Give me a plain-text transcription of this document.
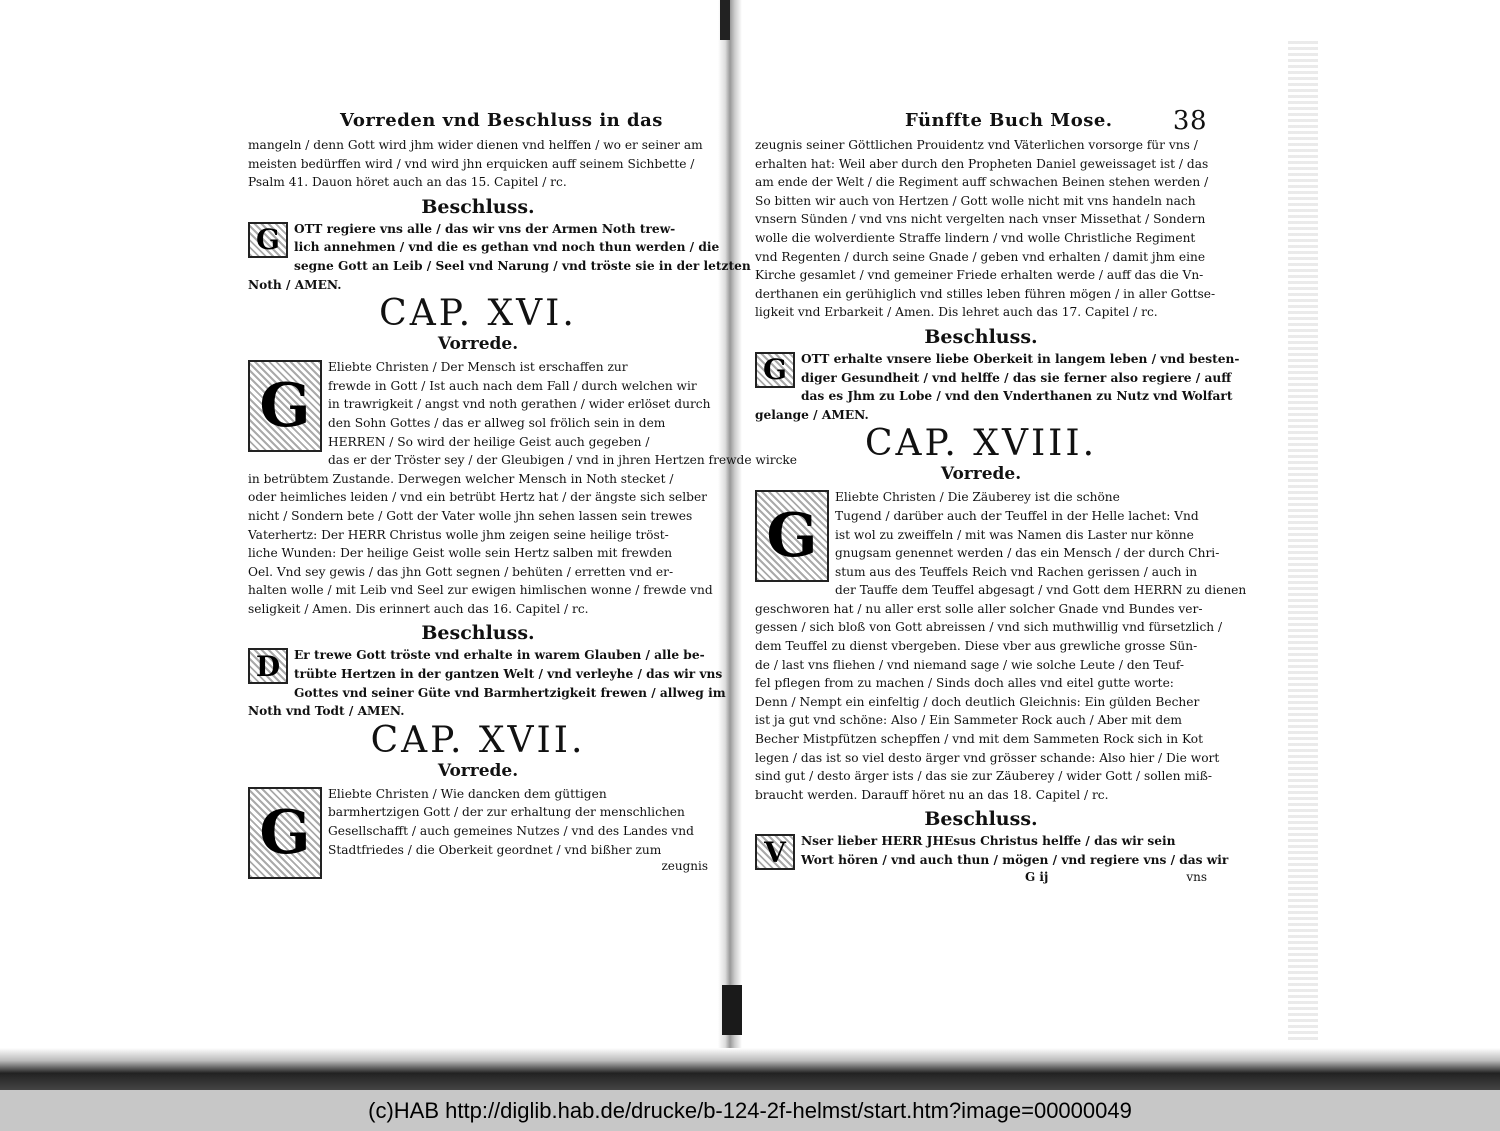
Vorreden vnd Beschluss in das
mangeln / denn Gott wird jhm wider dienen vnd helffen / wo er seiner am
meisten bedürffen wird / vnd wird jhn erquicken auff seinem Sichbette /
Psalm 41. Dauon höret auch an das 15. Capitel / rc.
Beschluss.
G	OTT regiere vns alle / das wir vns der Armen Noth trew-
lich annehmen / vnd die es gethan vnd noch thun werden / die
segne Gott an Leib / Seel vnd Narung / vnd tröste sie in der letzten
Noth / AMEN.
CAP. XVI.
Vorrede.
G
Eliebte Christen / Der Mensch ist erschaffen zur
frewde in Gott / Ist auch nach dem Fall / durch welchen wir
in trawrigkeit / angst vnd noth gerathen / wider erlöset durch
den Sohn Gottes / das er allweg sol frölich sein in dem
HERREN / So wird der heilige Geist auch gegeben /
das er der Tröster sey / der Gleubigen / vnd in jhren Hertzen frewde wircke
in betrübtem Zustande. Derwegen welcher Mensch in Noth stecket /
oder heimliches leiden / vnd ein betrübt Hertz hat / der ängste sich selber
nicht / Sondern bete / Gott der Vater wolle jhn sehen lassen sein trewes
Vaterhertz: Der HERR Christus wolle jhm zeigen seine heilige tröst-
liche Wunden: Der heilige Geist wolle sein Hertz salben mit frewden
Oel. Vnd sey gewis / das jhn Gott segnen / behüten / erretten vnd er-
halten wolle / mit Leib vnd Seel zur ewigen himlischen wonne / frewde vnd
seligkeit / Amen. Dis erinnert auch das 16. Capitel / rc.
Beschluss.
D	Er trewe Gott tröste vnd erhalte in warem Glauben / alle be-
trübte Hertzen in der gantzen Welt / vnd verleyhe / das wir vns
Gottes vnd seiner Güte vnd Barmhertzigkeit frewen / allweg im
Noth vnd Todt / AMEN.
CAP. XVII.
Vorrede.
G
Eliebte Christen / Wie dancken dem güttigen
barmhertzigen Gott / der zur erhaltung der menschlichen
Gesellschafft / auch gemeines Nutzes / vnd des Landes vnd
Stadtfriedes / die Oberkeit geordnet / vnd bißher zum
zeugnis
Fünffte Buch Mose. 38
zeugnis seiner Göttlichen Prouidentz vnd Väterlichen vorsorge für vns /
erhalten hat: Weil aber durch den Propheten Daniel geweissaget ist / das
am ende der Welt / die Regiment auff schwachen Beinen stehen werden /
So bitten wir auch von Hertzen / Gott wolle nicht mit vns handeln nach
vnsern Sünden / vnd vns nicht vergelten nach vnser Missethat / Sondern
wolle die wolverdiente Straffe lindern / vnd wolle Christliche Regiment
vnd Regenten / durch seine Gnade / geben vnd erhalten / damit jhm eine
Kirche gesamlet / vnd gemeiner Friede erhalten werde / auff das die Vn-
derthanen ein gerühiglich vnd stilles leben führen mögen / in aller Gottse-
ligkeit vnd Erbarkeit / Amen. Dis lehret auch das 17. Capitel / rc.
Beschluss.
G	OTT erhalte vnsere liebe Oberkeit in langem leben / vnd besten-
diger Gesundheit / vnd helffe / das sie ferner also regiere / auff
das es Jhm zu Lobe / vnd den Vnderthanen zu Nutz vnd Wolfart
gelange / AMEN.
CAP. XVIII.
Vorrede.
G
Eliebte Christen / Die Zäuberey ist die schöne
Tugend / darüber auch der Teuffel in der Helle lachet: Vnd
ist wol zu zweiffeln / mit was Namen dis Laster nur könne
gnugsam genennet werden / das ein Mensch / der durch Chri-
stum aus des Teuffels Reich vnd Rachen gerissen / auch in
der Tauffe dem Teuffel abgesagt / vnd Gott dem HERRN zu dienen
geschworen hat / nu aller erst solle aller solcher Gnade vnd Bundes ver-
gessen / sich bloß von Gott abreissen / vnd sich muthwillig vnd fürsetzlich /
dem Teuffel zu dienst vbergeben. Diese vber aus grewliche grosse Sün-
de / last vns fliehen / vnd niemand sage / wie solche Leute / den Teuf-
fel pflegen from zu machen / Sinds doch alles vnd eitel gutte worte:
Denn / Nempt ein einfeltig / doch deutlich Gleichnis: Ein gülden Becher
ist ja gut vnd schöne: Also / Ein Sammeter Rock auch / Aber mit dem
Becher Mistpfützen schepffen / vnd mit dem Sammeten Rock sich in Kot
legen / das ist so viel desto ärger vnd grösser schande: Also hier / Die wort
sind gut / desto ärger ists / das sie zur Zäuberey / wider Gott / sollen miß-
braucht werden. Darauff höret nu an das 18. Capitel / rc.
Beschluss.
V	Nser lieber HERR JHEsus Christus helffe / das wir sein
Wort hören / vnd auch thun / mögen / vnd regiere vns / das wir
G ij	vns
(c)HAB http://diglib.hab.de/drucke/b-124-2f-helmst/start.htm?image=00000049
